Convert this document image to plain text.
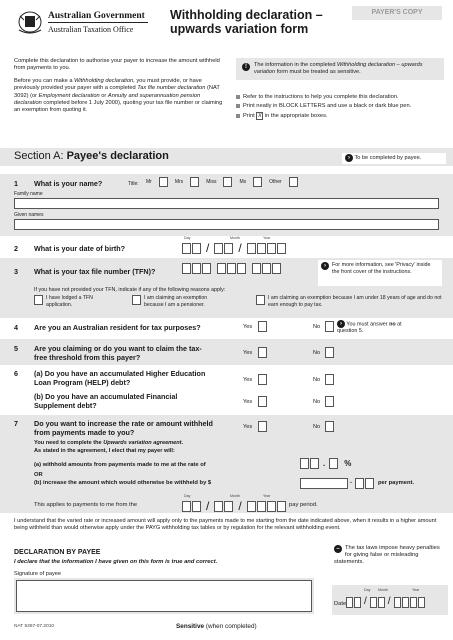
Australian Government
Australian Taxation Office
Withholding declaration –
upwards variation form
PAYER'S COPY

Complete this declaration to authorise your payer to increase the amount withheld from payments to you.

Before you can make a Withholding declaration, you must provide, or have previously provided your payer with a completed Tax file number declaration (NAT 3092) (or Employment declaration or Annuity and superannuation pension declaration completed before 1 July 2000), quoting your tax file number or claiming an exemption from quoting it.

!	The information in the completed Withholding declaration – upwards variation form must be treated as sensitive.
Refer to the instructions to help you complete this declaration.
Print neatly in BLOCK LETTERS and use a black or dark blue pen.
Print X in the appropriate boxes.
Section A: Payee's declaration	› To be completed by payee.
1 What is your name?	Title: Mr	Mrs	Miss	Ms	Other
Family name
Given names
2 What is your date of birth?
Day	Month	Year
/ /
3 What is your tax file number (TFN)?
›	For more information, see 'Privacy' inside the front cover of the instructions.
If you have not provided your TFN, indicate if any of the following reasons apply:
I have lodged a TFN application.
I am claiming an exemption because I am a pensioner.
I am claiming an exemption because I am under 18 years of age and do not earn enough to pay tax.
4 Are you an Australian resident for tax purposes?	Yes	No	› You must answer no at question 5.
5 Are you claiming or do you want to claim the tax-free threshold from this payer?	Yes	No
6 (a) Do you have an accumulated Higher Education Loan Program (HELP) debt?	Yes	No
(b) Do you have an accumulated Financial Supplement debt?	Yes	No
7 Do you want to increase the rate or amount withheld from payments made to you?
Yes	No
You need to complete the Upwards variation agreement.
As stated in the agreement, I elect that my payer will:
(a) withhold amounts from payments made to me at the rate of	. %
OR
(b) increase the amount which would otherwise be withheld by $	.	per payment.
Day	Month	Year
This applies to payments to me from the	/ /	pay period.
I understand that the varied rate or increased amount will apply only to the payments made to me starting from the date indicated above, when it results in a higher amount being withheld than would otherwise apply under the PAYG withholding tax tables or by regulation for the relevant withholding event.
DECLARATION BY PAYEE
I declare that the information I have given on this form is true and correct.
Signature of payee
– The tax laws impose heavy penalties for giving false or misleading statements.
Day Month	Year
Date / /
NAT 5367-07.2010	Sensitive (when completed)
